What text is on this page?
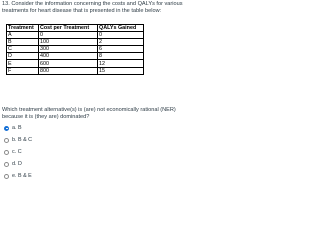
13. Consider the information concerning the costs and QALYs for various treatments for heart disease that is presented in the table below:
Treatment	Cost per Treatment	QALYs Gained
A	0	0
B	100	2
C	300	6
D	400	8
E	600	12
F	800	15
Which treatment alternative(s) is (are) not economically rational (NER) because it is (they are) dominated?
a. B
b. B & C
c. C
d. D
e. B & E
